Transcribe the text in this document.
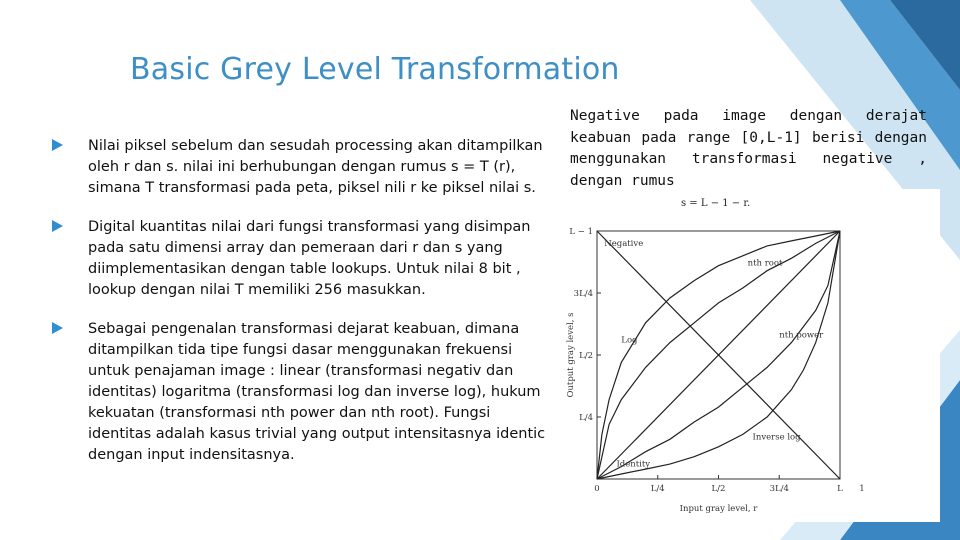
Basic Grey Level Transformation

Nilai piksel sebelum dan sesudah processing akan ditampilkan oleh r dan s. nilai ini berhubungan dengan rumus s = T (r), simana T transformasi pada peta, piksel nili r ke piksel nilai s.

Digital kuantitas nilai dari fungsi transformasi yang disimpan pada satu dimensi array dan pemeraan dari r dan s yang diimplementasikan dengan table lookups. Untuk nilai 8 bit , lookup dengan nilai T memiliki 256 masukkan.

Sebagai pengenalan transformasi dejarat keabuan, dimana ditampilkan tida tipe fungsi dasar menggunakan frekuensi untuk penajaman image : linear (transformasi negativ dan identitas) logaritma (transformasi log dan inverse log), hukum kekuatan (transformasi nth power dan nth root). Fungsi identitas adalah kasus trivial yang output intensitasnya identic dengan input indensitasnya.

Negative pada image dengan derajat keabuan pada range [0,L-1] berisi dengan menggunakan transformasi negative , dengan rumus
s = L − 1 − r.
0	L/4	L/2	3L/4	L 1
L − 1
3L/4
L/2
L/4
Input gray level, r
Output gray level, s
Negative
nth root
Log	nth power
Identity
Inverse log
